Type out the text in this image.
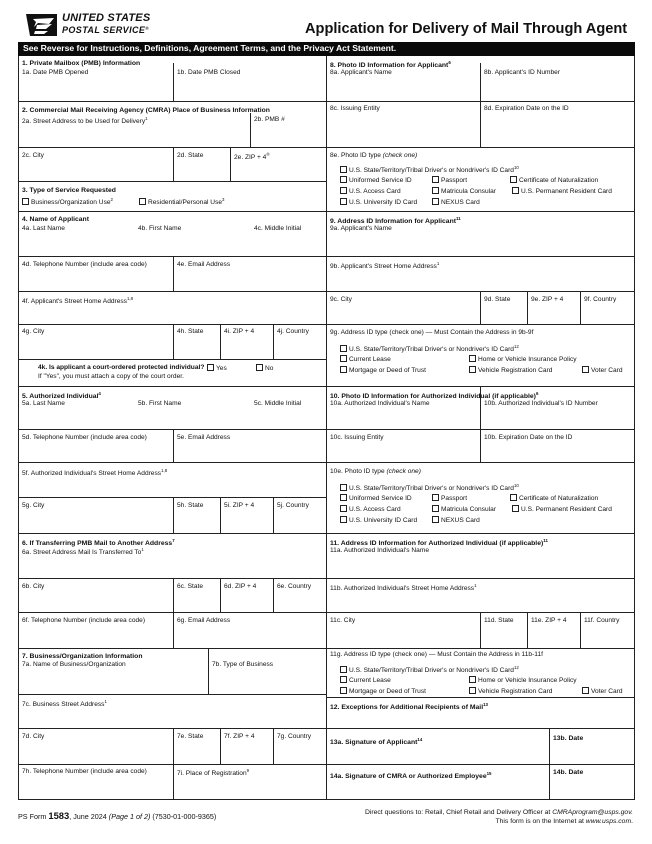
UNITED STATES
POSTAL SERVICE®	Application for Delivery of Mail Through Agent
See Reverse for Instructions, Definitions, Agreement Terms, and the Privacy Act Statement.
1. Private Mailbox (PMB) Information
1a. Date PMB Opened	1b. Date PMB Closed
2. Commercial Mail Receiving Agency (CMRA) Place of Business Information
2a. Street Address to be Used for Delivery$^1$	2b. PMB #
2c. City	2d. State	2e. ZIP + 4®
3. Type of Service Requested
Business/Organization Use$^2$	Residential/Personal Use$^3$
4. Name of Applicant
4a. Last Name	4b. First Name	4c. Middle Initial
4d. Telephone Number (include area code)	4e. Email Address
4f. Applicant's Street Home Address$^{1,8}$
4g. City	4h. State	4i. ZIP + 4	4j. Country
4k. Is applicant a court-ordered protected individual?	Yes	No
If "Yes", you must attach a copy of the court order.
5. Authorized Individual$^4$
5a. Last Name	5b. First Name	5c. Middle Initial
5d. Telephone Number (include area code)	5e. Email Address
5f. Authorized Individual's Street Home Address$^{1,8}$
5g. City	5h. State	5i. ZIP + 4	5j. Country
6. If Transferring PMB Mail to Another Address$^7$
6a. Street Address Mail Is Transferred To$^1$
6b. City	6c. State	6d. ZIP + 4	6e. Country
6f. Telephone Number (include area code)	6g. Email Address
7. Business/Organization Information
7a. Name of Business/Organization	7b. Type of Business
7c. Business Street Address$^1$
7d. City	7e. State	7f. ZIP + 4	7g. Country
7h. Telephone Number (include area code)	7i. Place of Registration$^9$
8. Photo ID Information for Applicant$^6$
8a. Applicant's Name	8b. Applicant's ID Number
8c. Issuing Entity	8d. Expiration Date on the ID
8e. Photo ID type (check one)
U.S. State/Territory/Tribal Driver's or Nondriver's ID Card$^{10}$
Uniformed Service ID	Passport	Certificate of Naturalization
U.S. Access Card	Matricula Consular	U.S. Permanent Resident Card
U.S. University ID Card	NEXUS Card
9. Address ID Information for Applicant$^{11}$
9a. Applicant's Name
9b. Applicant's Street Home Address$^1$
9c. City	9d. State	9e. ZIP + 4	9f. Country
9g. Address ID type (check one) — Must Contain the Address in 9b-9f
U.S. State/Territory/Tribal Driver's or Nondriver's ID Card$^{12}$
Current Lease	Home or Vehicle Insurance Policy
Mortgage or Deed of Trust	Vehicle Registration Card	Voter Card
10. Photo ID Information for Authorized Individual (if applicable)$^6$
10a. Authorized Individual's Name	10b. Authorized Individual's ID Number
10c. Issuing Entity	10b. Expiration Date on the ID
10e. Photo ID type (check one)
U.S. State/Territory/Tribal Driver's or Nondriver's ID Card$^{10}$
Uniformed Service ID	Passport	Certificate of Naturalization
U.S. Access Card	Matricula Consular	U.S. Permanent Resident Card
U.S. University ID Card	NEXUS Card
11. Address ID Information for Authorized Individual (if applicable)$^{11}$
11a. Authorized Individual's Name
11b. Authorized Individual's Street Home Address$^1$
11c. City	11d. State	11e. ZIP + 4	11f. Country
11g. Address ID type (check one) — Must Contain the Address in 11b-11f
U.S. State/Territory/Tribal Driver's or Nondriver's ID Card$^{12}$
Current Lease	Home or Vehicle Insurance Policy
Mortgage or Deed of Trust	Vehicle Registration Card	Voter Card
12. Exceptions for Additional Recipients of Mail$^{13}$
13a. Signature of Applicant$^{14}$	13b. Date
14a. Signature of CMRA or Authorized Employee$^{15}$	14b. Date
PS Form 1583, June 2024 (Page 1 of 2) (7530-01-000-9365)	Direct questions to: Retail, Chief Retail and Delivery Officer at CMRAprogram@usps.gov.
This form is on the Internet at www.usps.com.
